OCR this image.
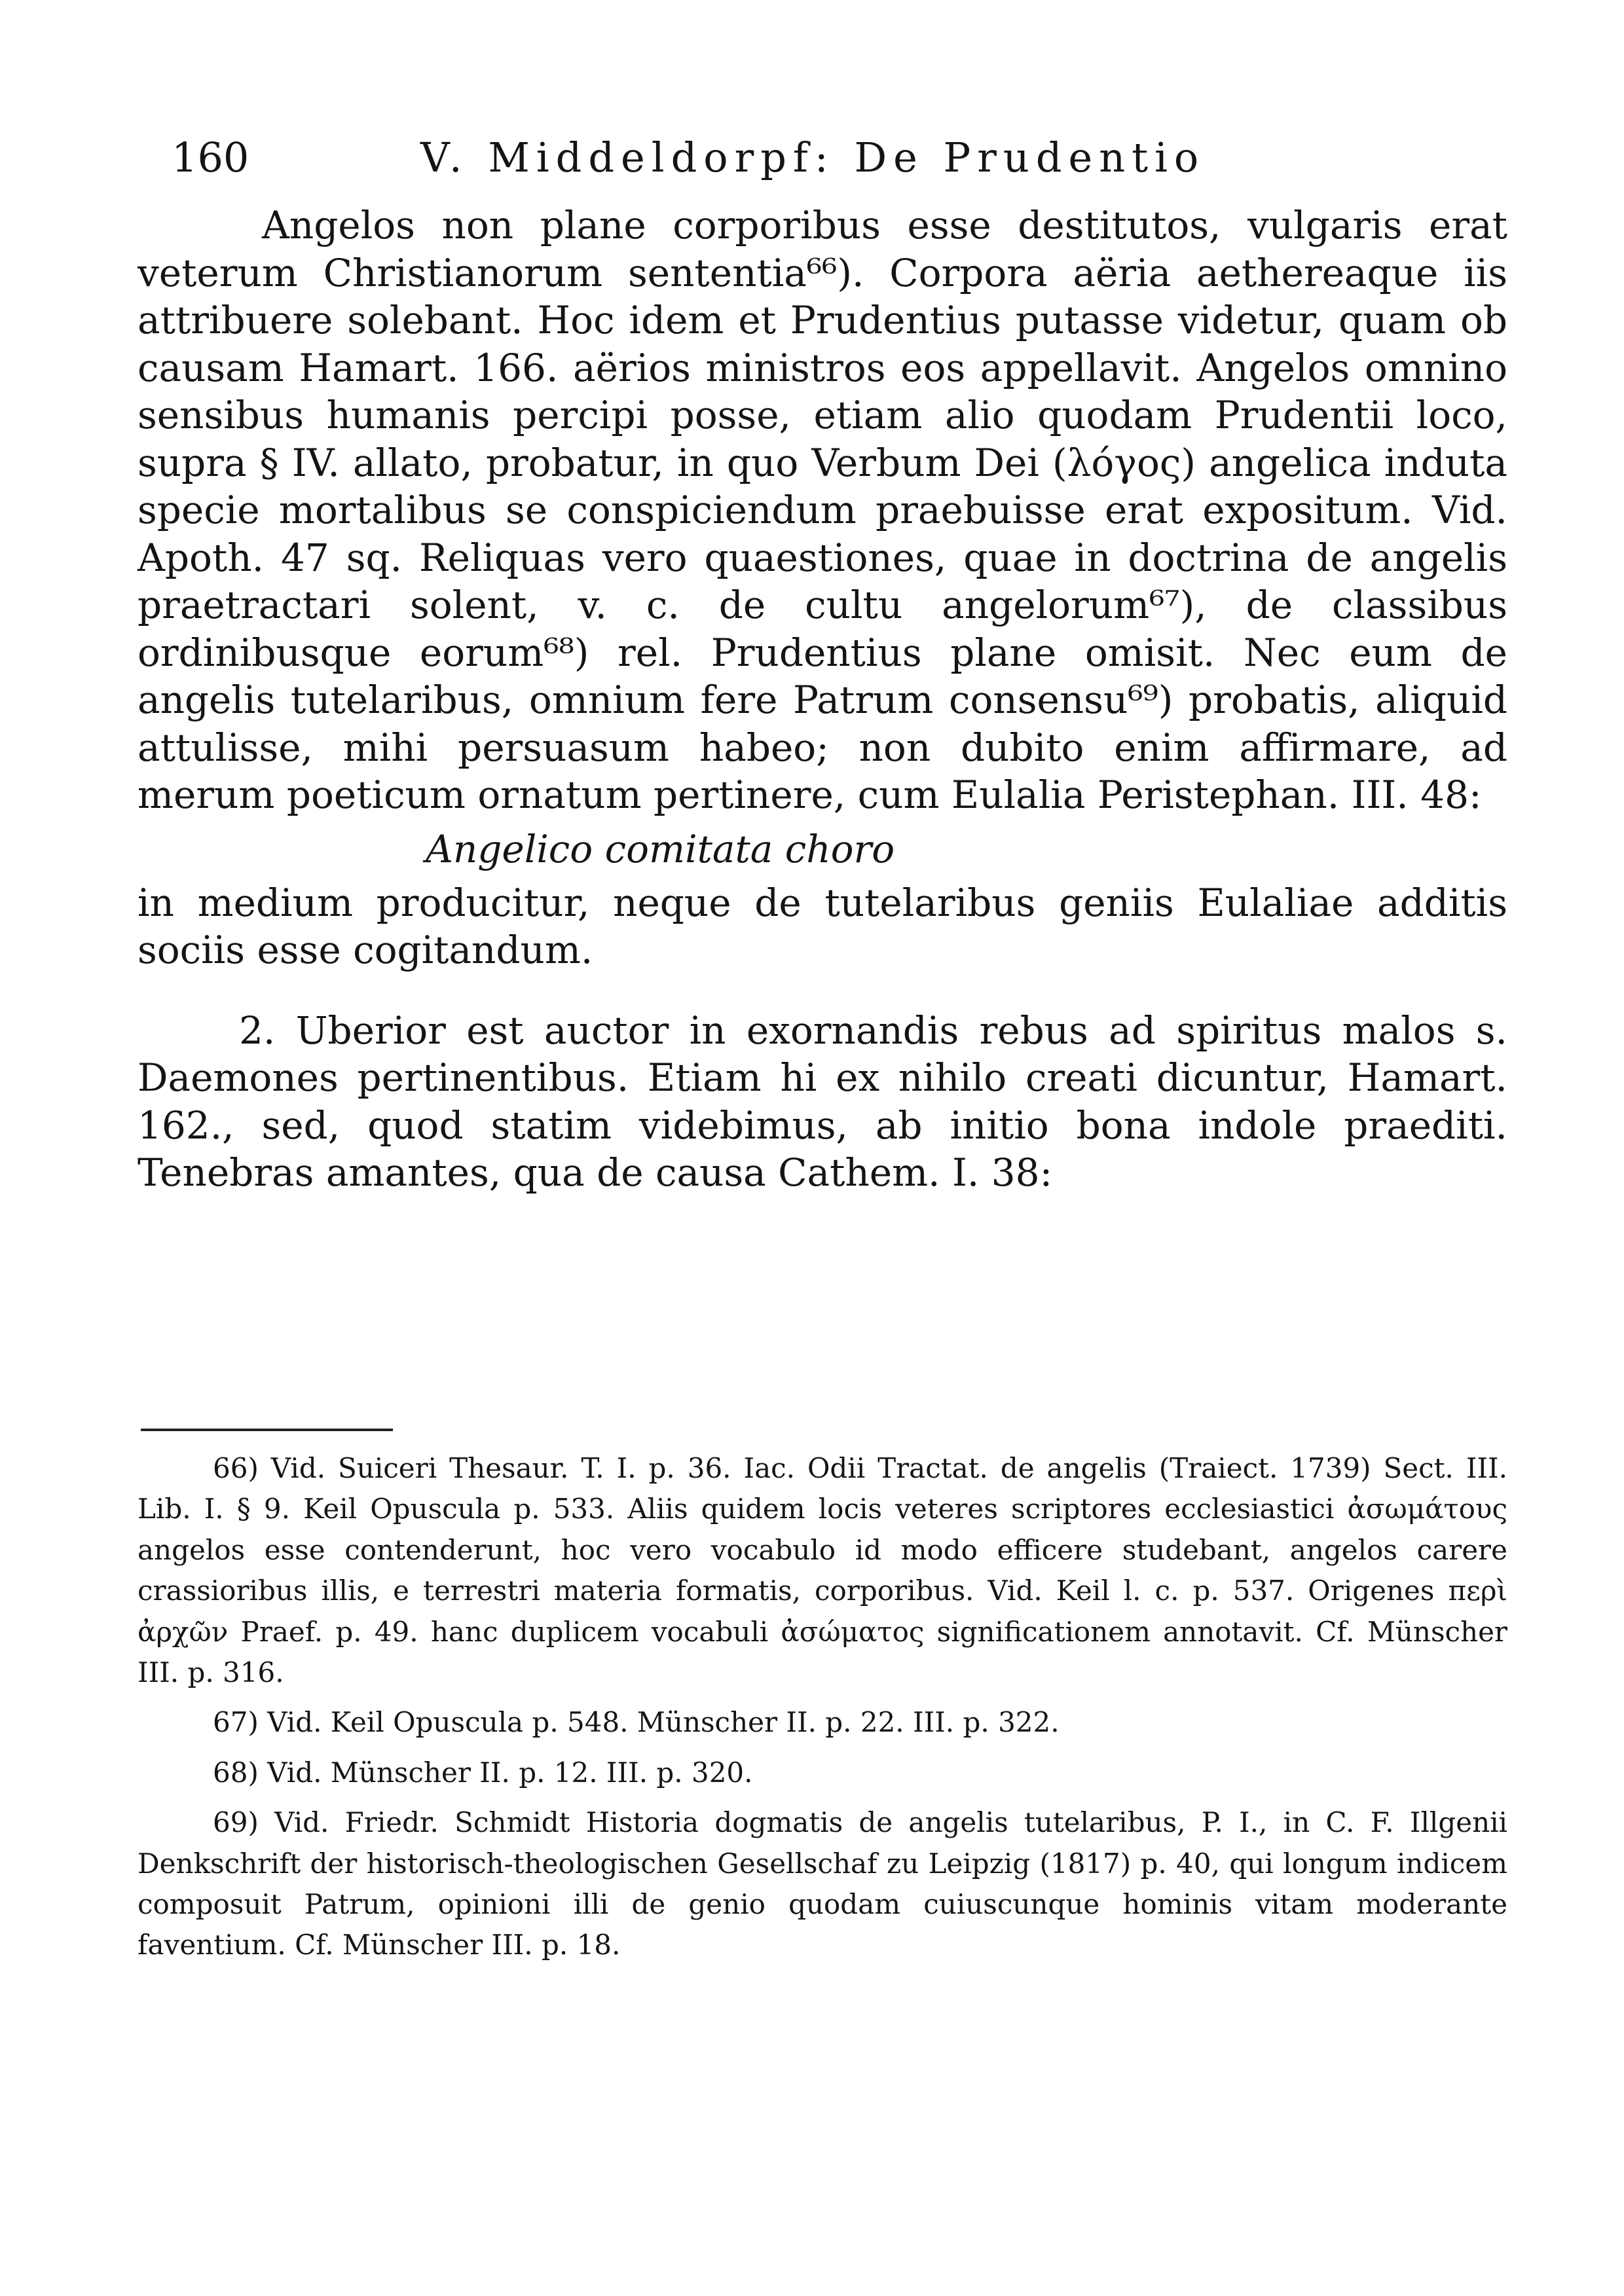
160	V. Middeldorpf: De Prudentio

Angelos non plane corporibus esse destitutos, vulgaris erat veterum Christianorum sententia⁶⁶). Corpora aëria aethereaque iis attribuere solebant. Hoc idem et Prudentius putasse videtur, quam ob causam Hamart. 166. aërios ministros eos appellavit. Angelos omnino sensibus humanis percipi posse, etiam alio quodam Prudentii loco, supra § IV. allato, probatur, in quo Verbum Dei (λόγος) angelica induta specie mortalibus se conspiciendum praebuisse erat expositum. Vid. Apoth. 47 sq. Reliquas vero quaestiones, quae in doctrina de angelis praetractari solent, v. c. de cultu angelorum⁶⁷), de classibus ordinibusque eorum⁶⁸) rel. Prudentius plane omisit. Nec eum de angelis tutelaribus, omnium fere Patrum consensu⁶⁹) probatis, aliquid attulisse, mihi persuasum habeo; non dubito enim affirmare, ad merum poeticum ornatum pertinere, cum Eulalia Peristephan. III. 48:

Angelico comitata choro

in medium producitur, neque de tutelaribus geniis Eulaliae additis sociis esse cogitandum.

2. Uberior est auctor in exornandis rebus ad spiritus malos s. Daemones pertinentibus. Etiam hi ex nihilo creati dicuntur, Hamart. 162., sed, quod statim videbimus, ab initio bona indole praediti. Tenebras amantes, qua de causa Cathem. I. 38:

66) Vid. Suiceri Thesaur. T. I. p. 36. Iac. Odii Tractat. de angelis (Traiect. 1739) Sect. III. Lib. I. § 9. Keil Opuscula p. 533. Aliis quidem locis veteres scriptores ecclesiastici ἀσωμάτους angelos esse contenderunt, hoc vero vocabulo id modo efficere studebant, angelos carere crassioribus illis, e terrestri materia formatis, corporibus. Vid. Keil l. c. p. 537. Origenes περὶ ἀρχῶν Praef. p. 49. hanc duplicem vocabuli ἀσώματος significationem annotavit. Cf. Münscher III. p. 316.

67) Vid. Keil Opuscula p. 548. Münscher II. p. 22. III. p. 322.

68) Vid. Münscher II. p. 12. III. p. 320.

69) Vid. Friedr. Schmidt Historia dogmatis de angelis tutelaribus, P. I., in C. F. Illgenii Denkschrift der historisch-theologischen Gesellschaf zu Leipzig (1817) p. 40, qui longum indicem composuit Patrum, opinioni illi de genio quodam cuiuscunque hominis vitam moderante faventium. Cf. Münscher III. p. 18.
